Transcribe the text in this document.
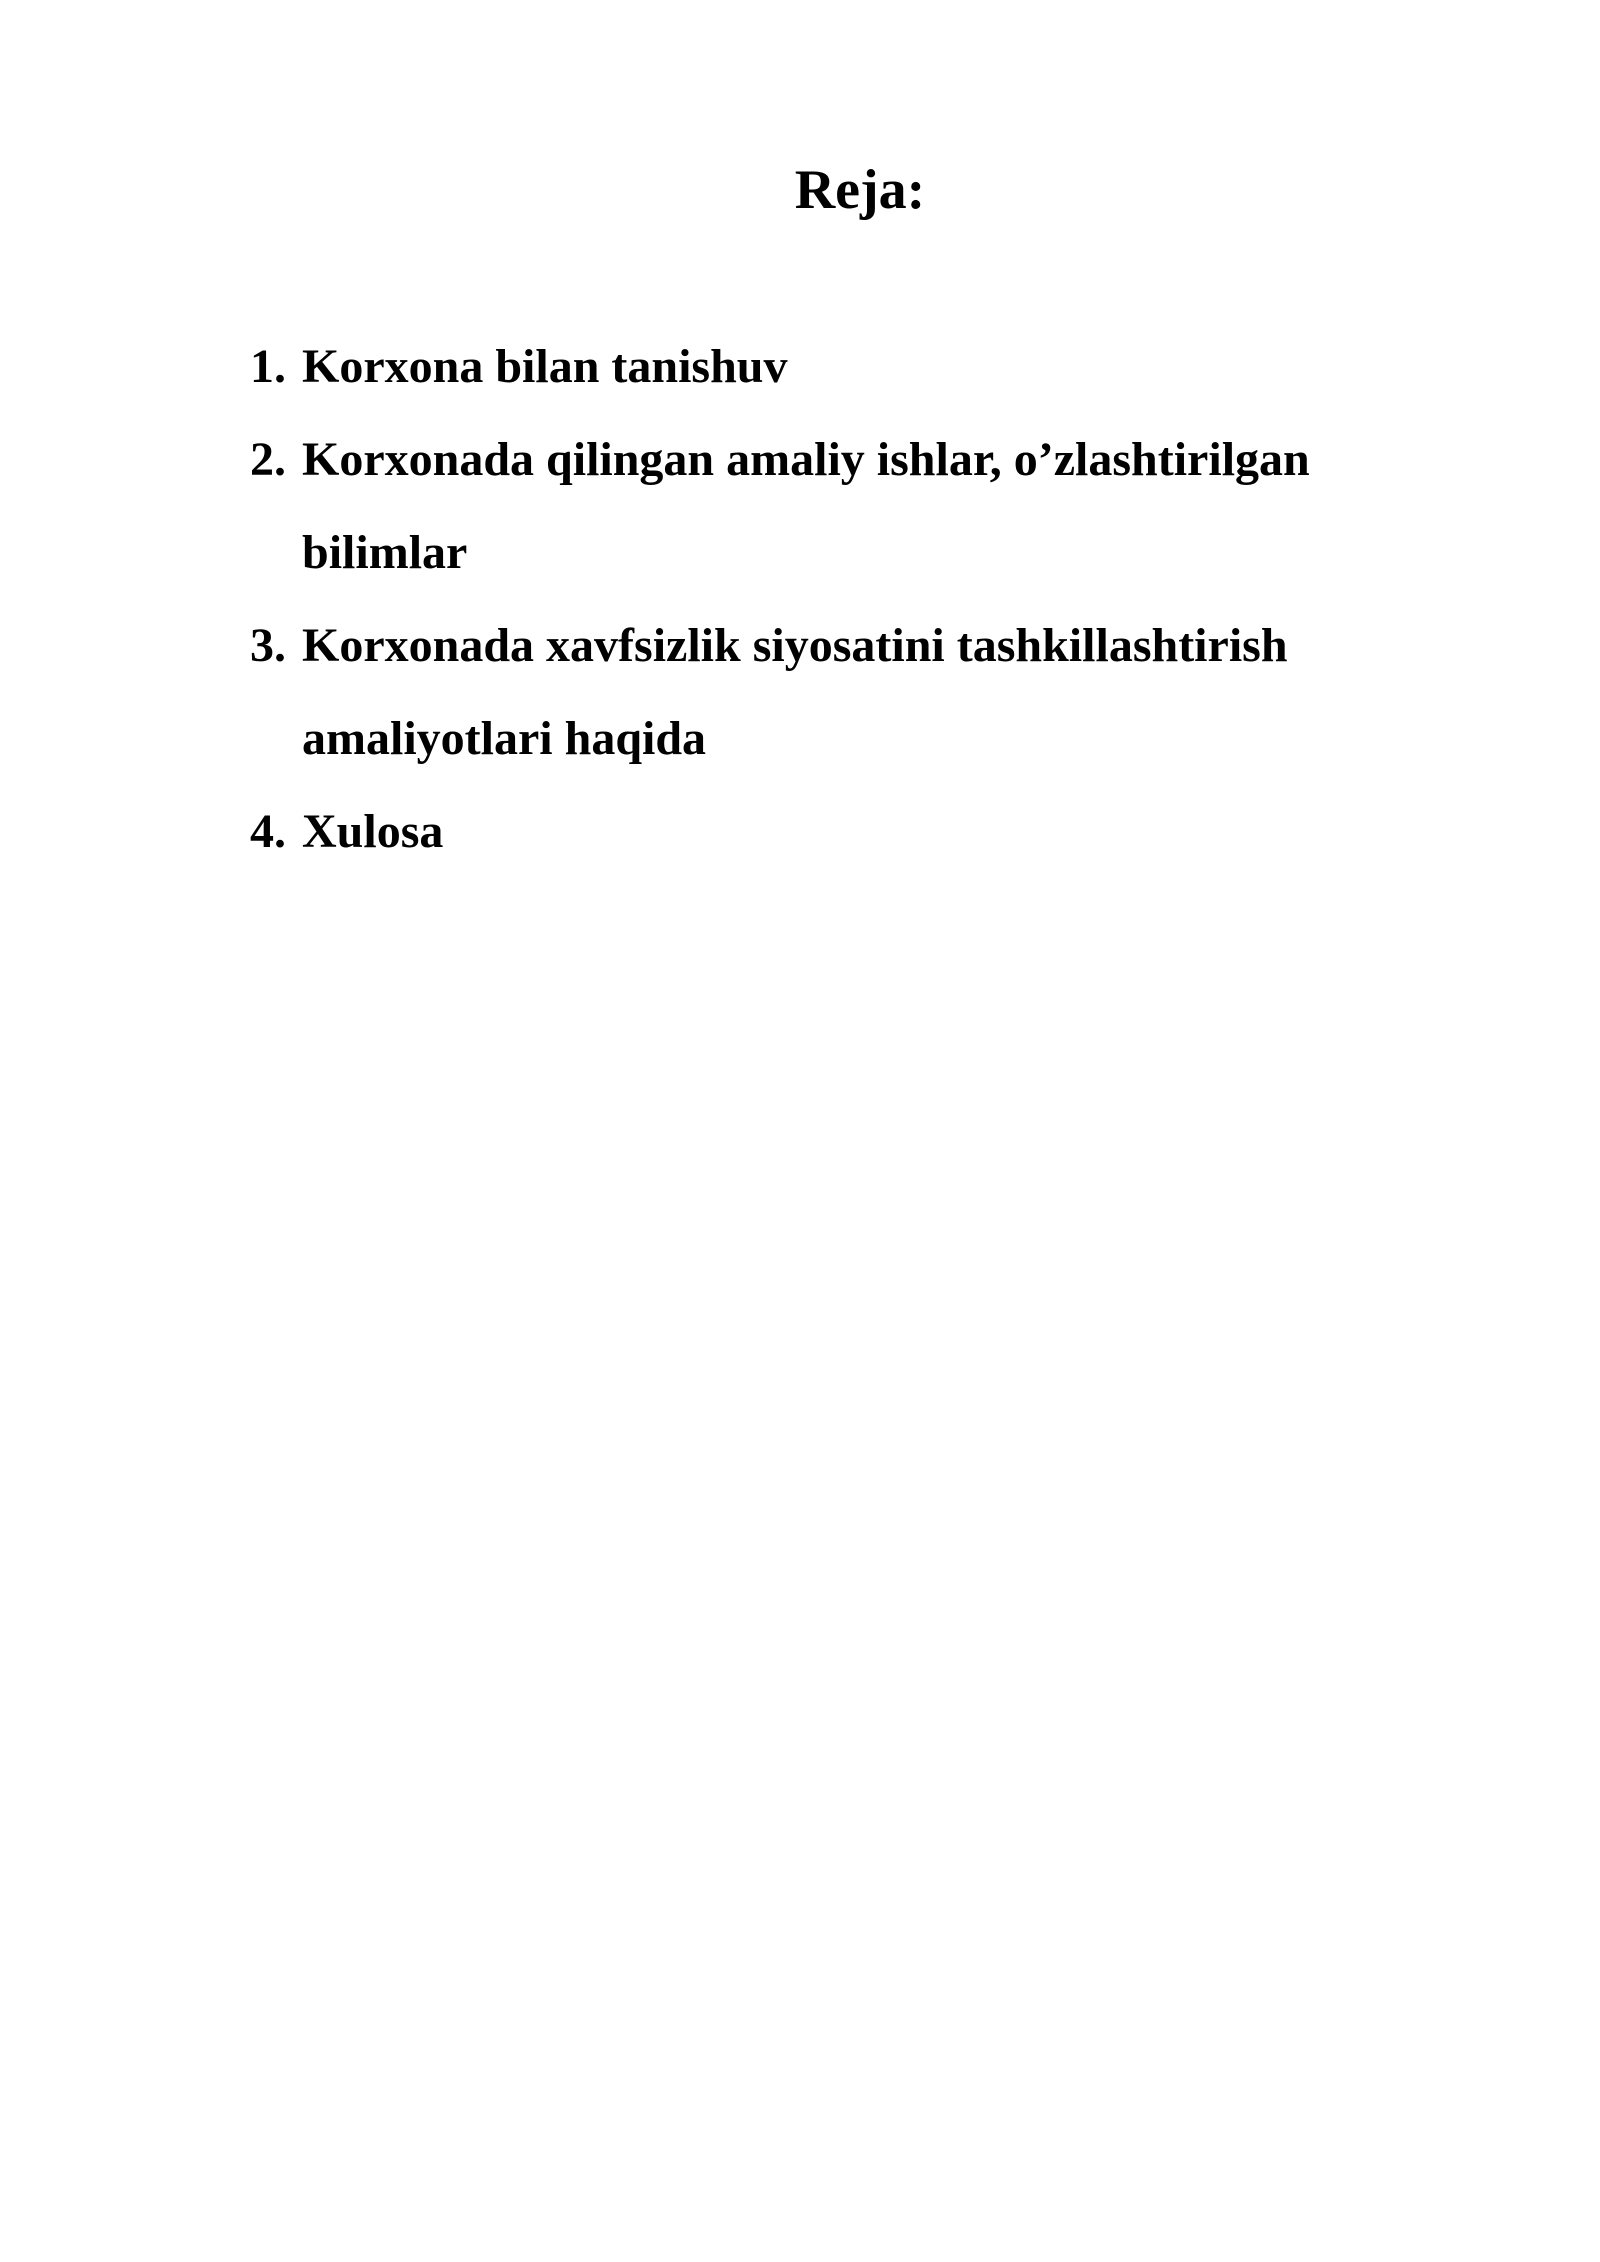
Reja:
1. Korxona bilan tanishuv
2. Korxonada qilingan amaliy ishlar, o’zlashtirilgan bilimlar
3. Korxonada xavfsizlik siyosatini tashkillashtirish amaliyotlari haqida
4. Xulosa
